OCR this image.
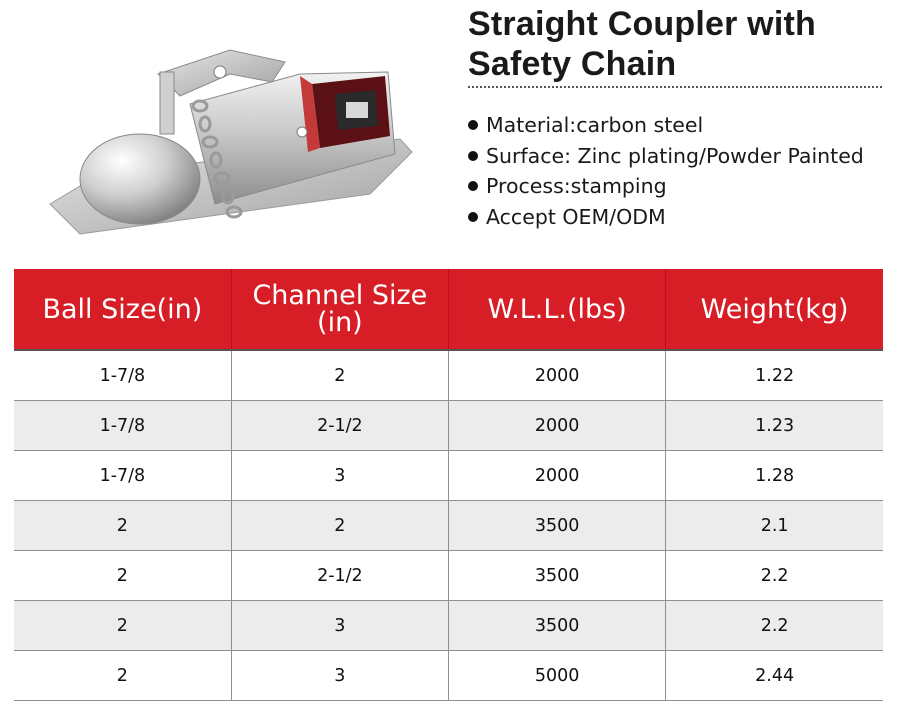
Straight Coupler with Safety Chain
Material:carbon steel
Surface: Zinc plating/Powder Painted
Process:stamping
Accept OEM/ODM
Ball Size(in)	Channel Size (in)	W.L.L.(lbs)	Weight(kg)
1-7/8	2	2000	1.22
1-7/8	2-1/2	2000	1.23
1-7/8	3	2000	1.28
2	2	3500	2.1
2	2-1/2	3500	2.2
2	3	3500	2.2
2	3	5000	2.44
